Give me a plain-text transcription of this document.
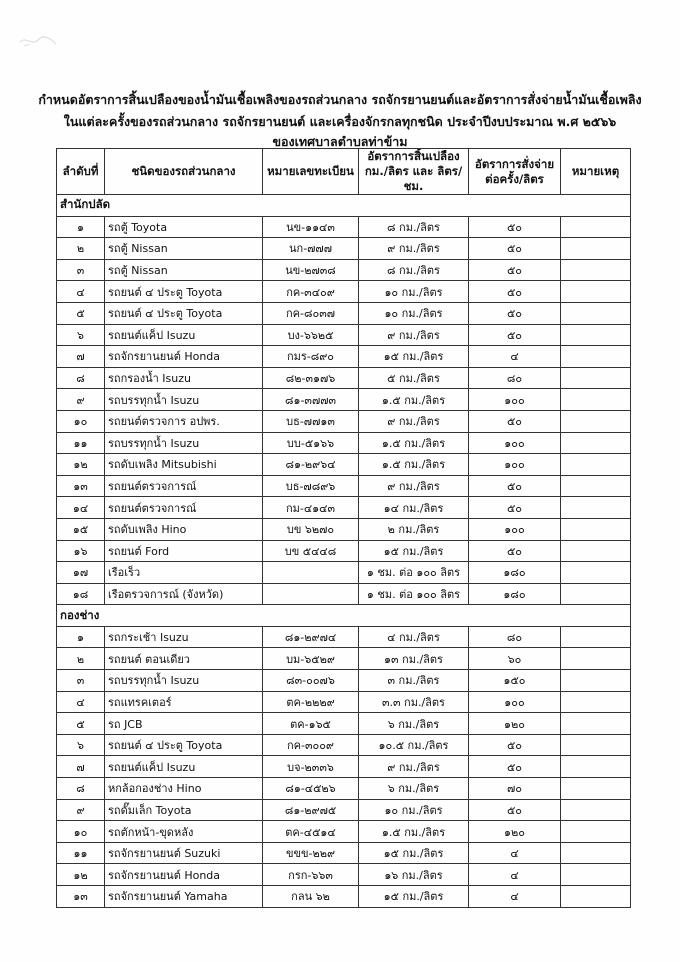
กำหนดอัตราการสิ้นเปลืองของน้ำมันเชื้อเพลิงของรถส่วนกลาง รถจักรยานยนต์และอัตราการสั่งจ่ายน้ำมันเชื้อเพลิง
ในแต่ละครั้งของรถส่วนกลาง รถจักรยานยนต์ และเครื่องจักรกลทุกชนิด ประจำปีงบประมาณ พ.ศ ๒๕๖๖
ของเทศบาลตำบลท่าข้าม
ลำดับที่	ชนิดของรถส่วนกลาง	หมายเลขทะเบียน	อัตราการสิ้นเปลือง กม./ลิตร และ ลิตร/ชม.	อัตราการสั่งจ่าย ต่อครั้ง/ลิตร	หมายเหตุ
สำนักปลัด					
๑	รถตู้ Toyota	นข-๑๑๔๓	๘ กม./ลิตร	๕๐	
๒	รถตู้ Nissan	นก-๗๗๗	๙ กม./ลิตร	๕๐	
๓	รถตู้ Nissan	นข-๒๗๓๘	๘ กม./ลิตร	๕๐	
๔	รถยนต์ ๔ ประตู Toyota	กค-๓๔๐๙	๑๐ กม./ลิตร	๕๐	
๕	รถยนต์ ๔ ประตู Toyota	กค-๘๐๓๗	๑๐ กม./ลิตร	๕๐	
๖	รถยนต์แค็ป Isuzu	บง-๖๖๒๕	๙ กม./ลิตร	๕๐	
๗	รถจักรยานยนต์ Honda	กมร-๘๙๐	๑๕ กม./ลิตร	๔	
๘	รถกรองน้ำ Isuzu	๘๒-๓๑๗๖	๕ กม./ลิตร	๘๐	
๙	รถบรรทุกน้ำ Isuzu	๘๑-๓๗๗๓	๑.๕ กม./ลิตร	๑๐๐	
๑๐	รถยนต์ตรวจการ อปพร.	บธ-๗๗๑๓	๙ กม./ลิตร	๕๐	
๑๑	รถบรรทุกน้ำ Isuzu	บบ-๕๑๖๖	๑.๕ กม./ลิตร	๑๐๐	
๑๒	รถดับเพลิง Mitsubishi	๘๑-๒๙๖๔	๑.๕ กม./ลิตร	๑๐๐	
๑๓	รถยนต์ตรวจการณ์	บธ-๗๘๙๖	๙ กม./ลิตร	๕๐	
๑๔	รถยนต์ตรวจการณ์	กม-๔๑๔๓	๑๔ กม./ลิตร	๕๐	
๑๕	รถดับเพลิง Hino	บข ๖๒๗๐	๒ กม./ลิตร	๑๐๐	
๑๖	รถยนต์ Ford	บข ๕๔๔๘	๑๕ กม./ลิตร	๕๐	
๑๗	เรือเร็ว		๑ ชม. ต่อ ๑๐๐ ลิตร	๑๘๐	
๑๘	เรือตรวจการณ์ (จังหวัด)		๑ ชม. ต่อ ๑๐๐ ลิตร	๑๘๐	
กองช่าง					
๑	รถกระเช้า Isuzu	๘๑-๒๙๗๔	๔ กม./ลิตร	๘๐	
๒	รถยนต์ ตอนเดียว	บม-๖๕๒๙	๑๓ กม./ลิตร	๖๐	
๓	รถบรรทุกน้ำ Isuzu	๘๓-๐๐๗๖	๓ กม./ลิตร	๑๕๐	
๔	รถแทรคเตอร์	ตค-๒๒๒๙	๓.๓ กม./ลิตร	๑๐๐	
๕	รถ JCB	ตค-๑๖๕	๖ กม./ลิตร	๑๒๐	
๖	รถยนต์ ๔ ประตู Toyota	กค-๓๐๐๙	๑๐.๕ กม./ลิตร	๕๐	
๗	รถยนต์แค็ป Isuzu	บจ-๒๓๓๖	๙ กม./ลิตร	๕๐	
๘	หกล้อกองช่าง Hino	๘๑-๔๕๒๖	๖ กม./ลิตร	๗๐	
๙	รถดั๊มเล็ก Toyota	๘๑-๒๙๗๕	๑๐ กม./ลิตร	๕๐	
๑๐	รถตักหน้า-ขุดหลัง	ตค-๔๕๑๔	๑.๕ กม./ลิตร	๑๒๐	
๑๑	รถจักรยานยนต์ Suzuki	ขขข-๒๒๙	๑๕ กม./ลิตร	๔	
๑๒	รถจักรยานยนต์ Honda	กรก-๖๖๓	๑๖ กม./ลิตร	๔	
๑๓	รถจักรยานยนต์ Yamaha	กลน ๖๒	๑๕ กม./ลิตร	๔	
